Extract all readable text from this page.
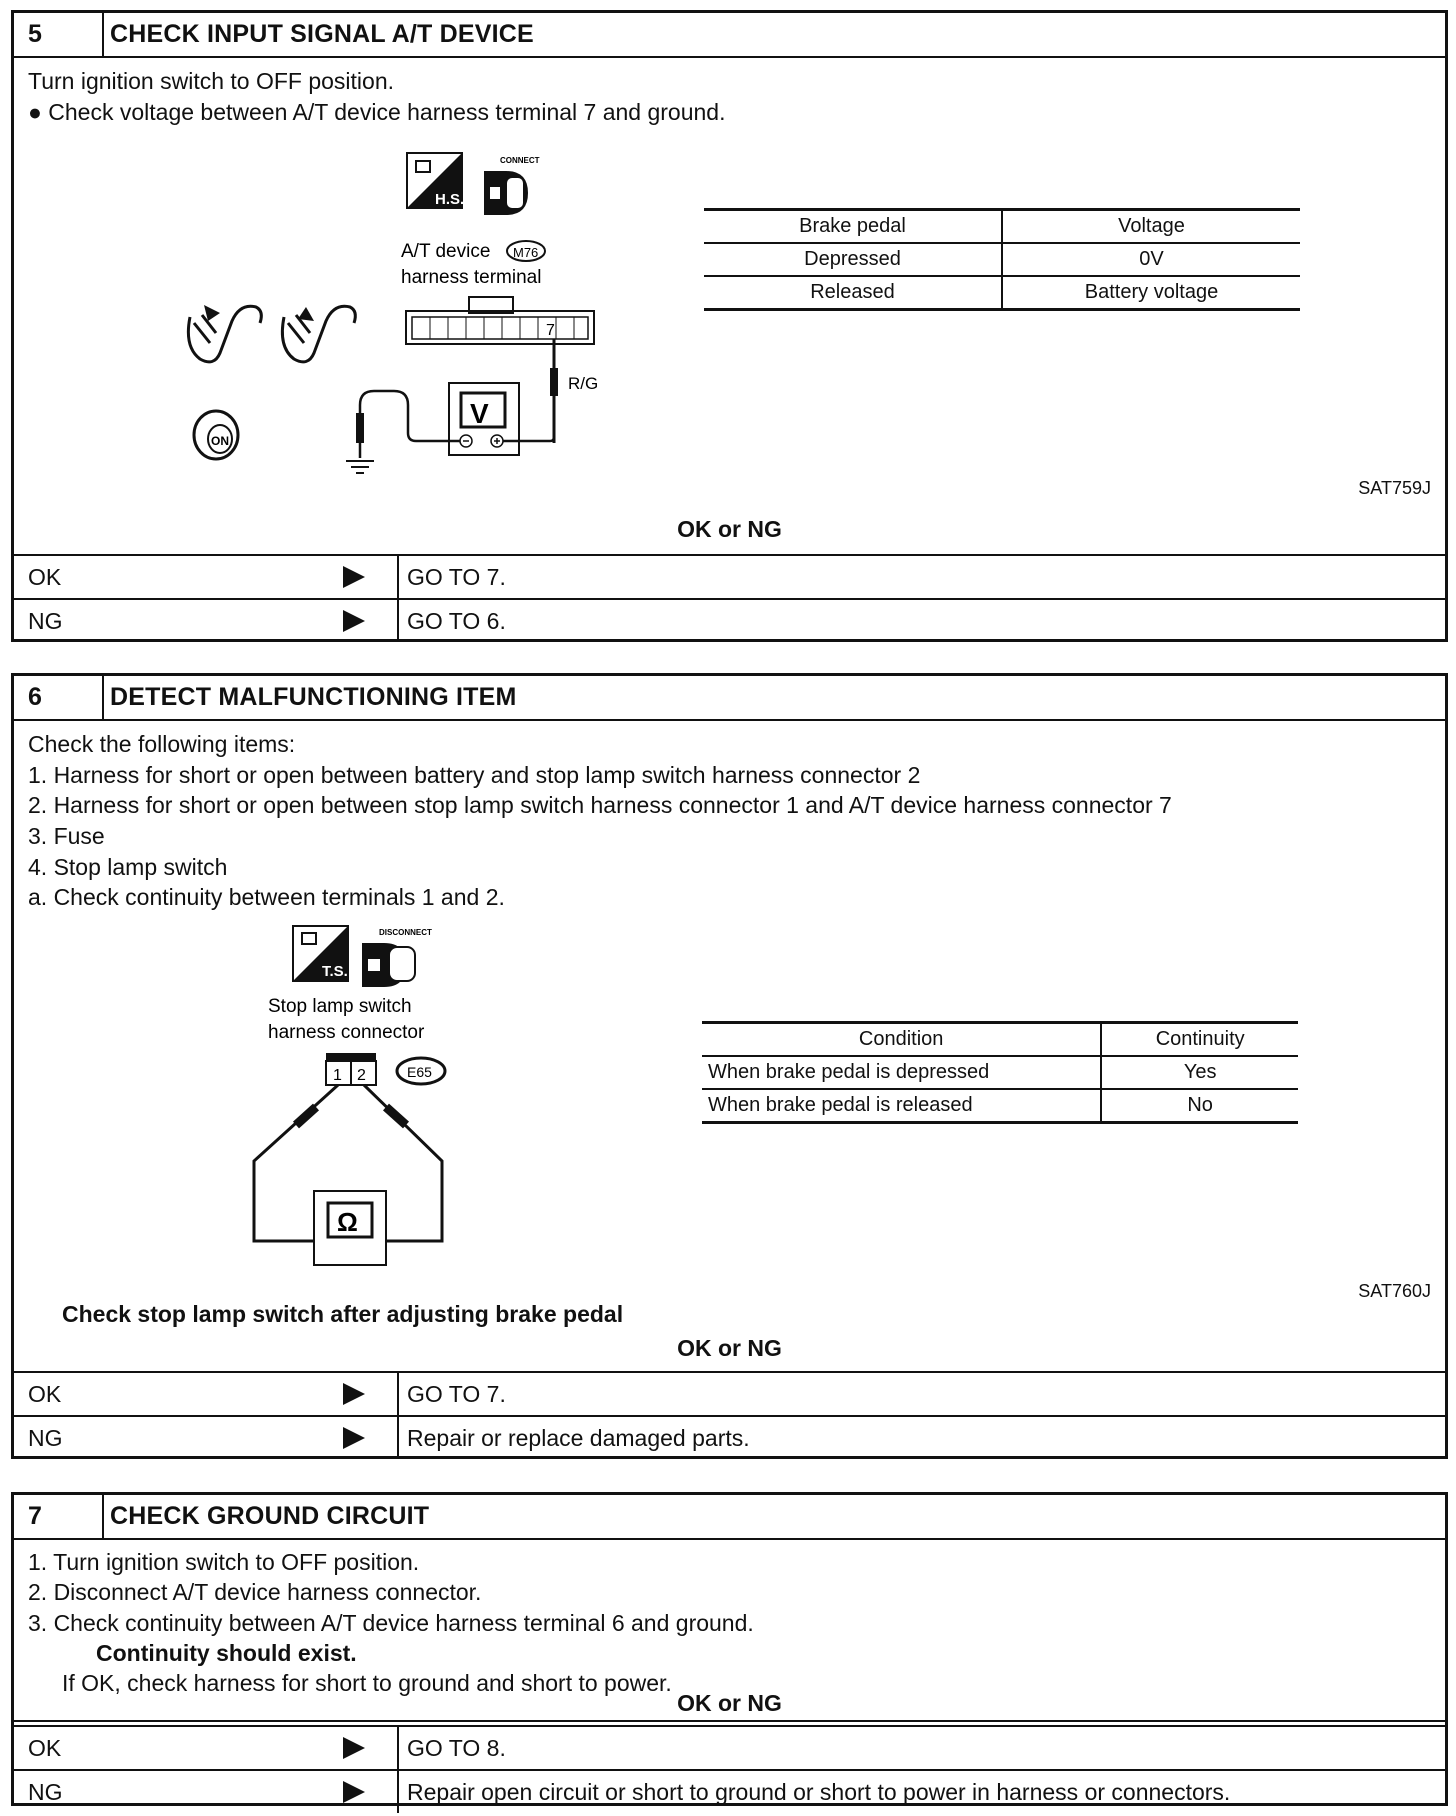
5	CHECK INPUT SIGNAL A/T DEVICE
Turn ignition switch to OFF position.
● Check voltage between A/T device harness terminal 7 and ground.
H.S.
CONNECT
A/T device M76
harness terminal
7
R/G
V
ON
Brake pedal	Voltage
Depressed	0V
Released	Battery voltage
SAT759J
OK or NG
OK	GO TO 7.
NG	GO TO 6.
6	DETECT MALFUNCTIONING ITEM
Check the following items:
1. Harness for short or open between battery and stop lamp switch harness connector 2
2. Harness for short or open between stop lamp switch harness connector 1 and A/T device harness connector 7
3. Fuse
4. Stop lamp switch
a. Check continuity between terminals 1 and 2.
T.S.
DISCONNECT
Stop lamp switch
harness connector
1 2	E65
Ω
Condition	Continuity
When brake pedal is depressed	Yes
When brake pedal is released	No
SAT760J
Check stop lamp switch after adjusting brake pedal
OK or NG
OK	GO TO 7.
NG	Repair or replace damaged parts.
7	CHECK GROUND CIRCUIT
1. Turn ignition switch to OFF position.
2. Disconnect A/T device harness connector.
3. Check continuity between A/T device harness terminal 6 and ground.
Continuity should exist.
If OK, check harness for short to ground and short to power.
OK or NG
OK	GO TO 8.
NG	Repair open circuit or short to ground or short to power in harness or connectors.
